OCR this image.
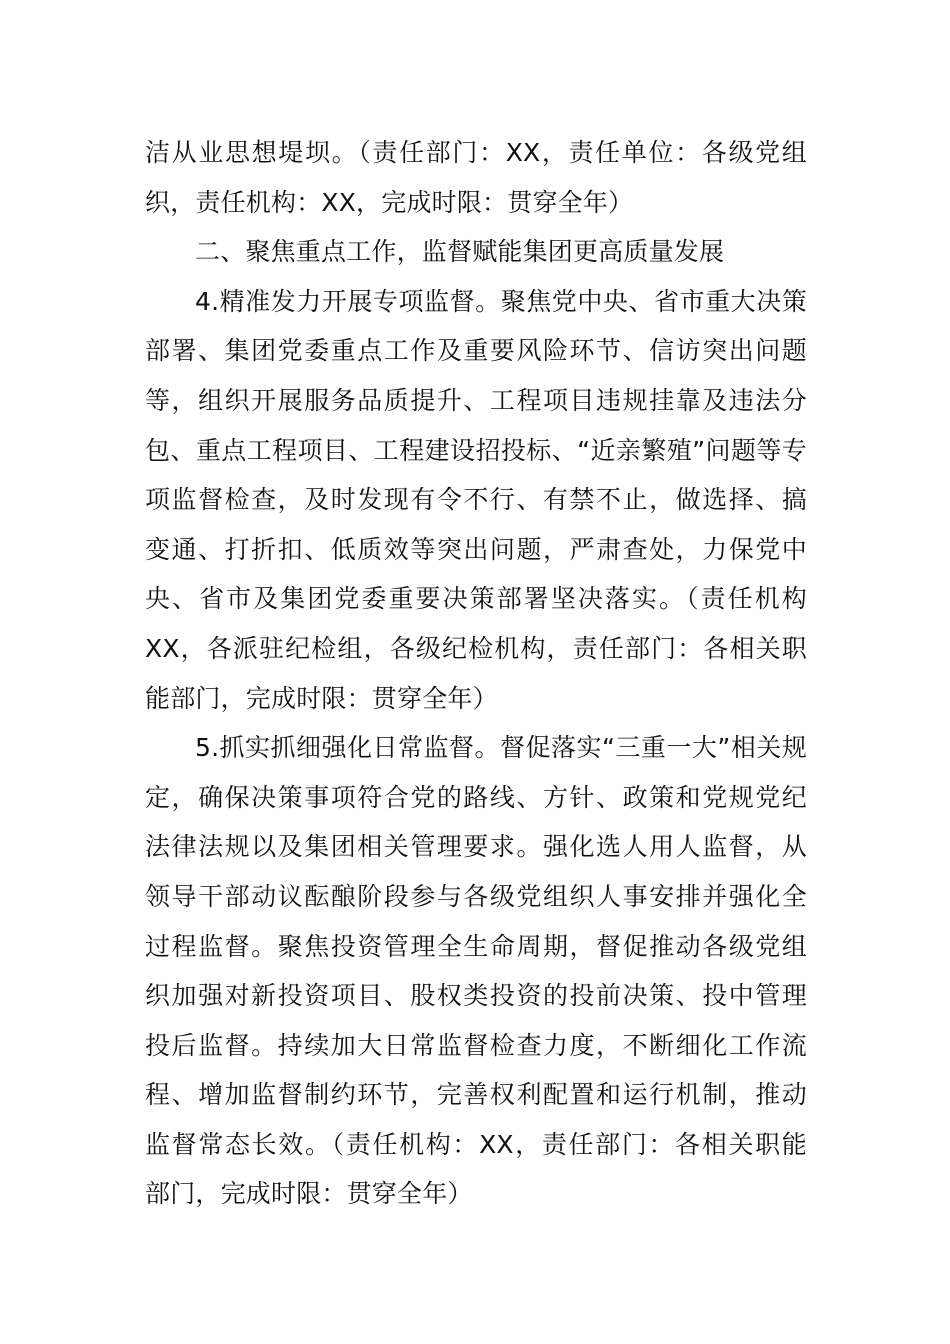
洁从业思想堤坝。（责任部门：XX，责任单位：各级党组
织，责任机构：XX，完成时限：贯穿全年）
二、聚焦重点工作，监督赋能集团更高质量发展
4.精准发力开展专项监督。聚焦党中央、省市重大决策
部署、集团党委重点工作及重要风险环节、信访突出问题
等，组织开展服务品质提升、工程项目违规挂靠及违法分
包、重点工程项目、工程建设招投标、“近亲繁殖”问题等专
项监督检查，及时发现有令不行、有禁不止，做选择、搞
变通、打折扣、低质效等突出问题，严肃查处，力保党中
央、省市及集团党委重要决策部署坚决落实。（责任机构
XX，各派驻纪检组，各级纪检机构，责任部门：各相关职
能部门，完成时限：贯穿全年）
5.抓实抓细强化日常监督。督促落实“三重一大”相关规
定，确保决策事项符合党的路线、方针、政策和党规党纪
法律法规以及集团相关管理要求。强化选人用人监督，从
领导干部动议酝酿阶段参与各级党组织人事安排并强化全
过程监督。聚焦投资管理全生命周期，督促推动各级党组
织加强对新投资项目、股权类投资的投前决策、投中管理
投后监督。持续加大日常监督检查力度，不断细化工作流
程、增加监督制约环节，完善权利配置和运行机制，推动
监督常态长效。（责任机构：XX，责任部门：各相关职能
部门，完成时限：贯穿全年）
